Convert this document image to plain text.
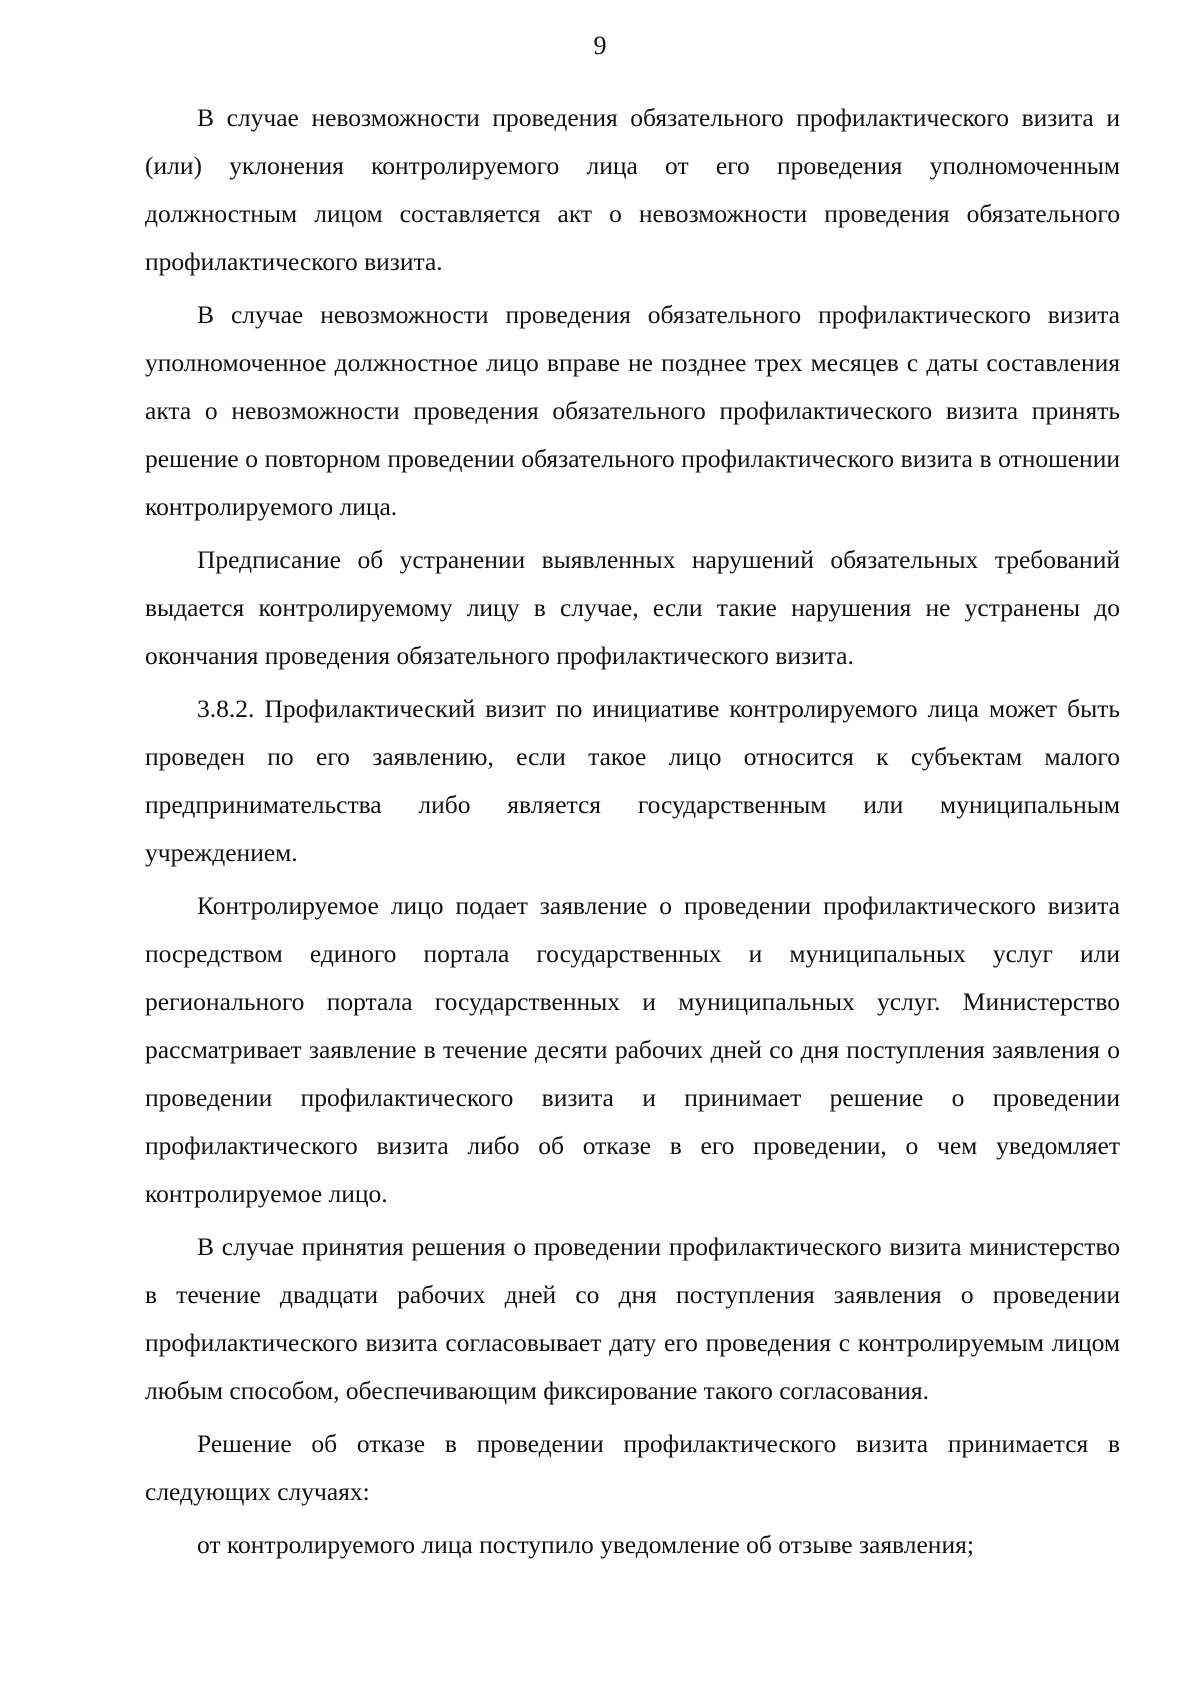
9

В случае невозможности проведения обязательного профилактического визита и (или) уклонения контролируемого лица от его проведения уполномоченным должностным лицом составляется акт о невозможности проведения обязательного профилактического визита.

В случае невозможности проведения обязательного профилактического визита уполномоченное должностное лицо вправе не позднее трех месяцев с даты составления акта о невозможности проведения обязательного профилактического визита принять решение о повторном проведении обязательного профилактического визита в отношении контролируемого лица.

Предписание об устранении выявленных нарушений обязательных требований выдается контролируемому лицу в случае, если такие нарушения не устранены до окончания проведения обязательного профилактического визита.

3.8.2. Профилактический визит по инициативе контролируемого лица может быть проведен по его заявлению, если такое лицо относится к субъектам малого предпринимательства либо является государственным или муниципальным учреждением.

Контролируемое лицо подает заявление о проведении профилактического визита посредством единого портала государственных и муниципальных услуг или регионального портала государственных и муниципальных услуг. Министерство рассматривает заявление в течение десяти рабочих дней со дня поступления заявления о проведении профилактического визита и принимает решение о проведении профилактического визита либо об отказе в его проведении, о чем уведомляет контролируемое лицо.

В случае принятия решения о проведении профилактического визита министерство в течение двадцати рабочих дней со дня поступления заявления о проведении профилактического визита согласовывает дату его проведения с контролируемым лицом любым способом, обеспечивающим фиксирование такого согласования.

Решение об отказе в проведении профилактического визита принимается в следующих случаях:

от контролируемого лица поступило уведомление об отзыве заявления;
